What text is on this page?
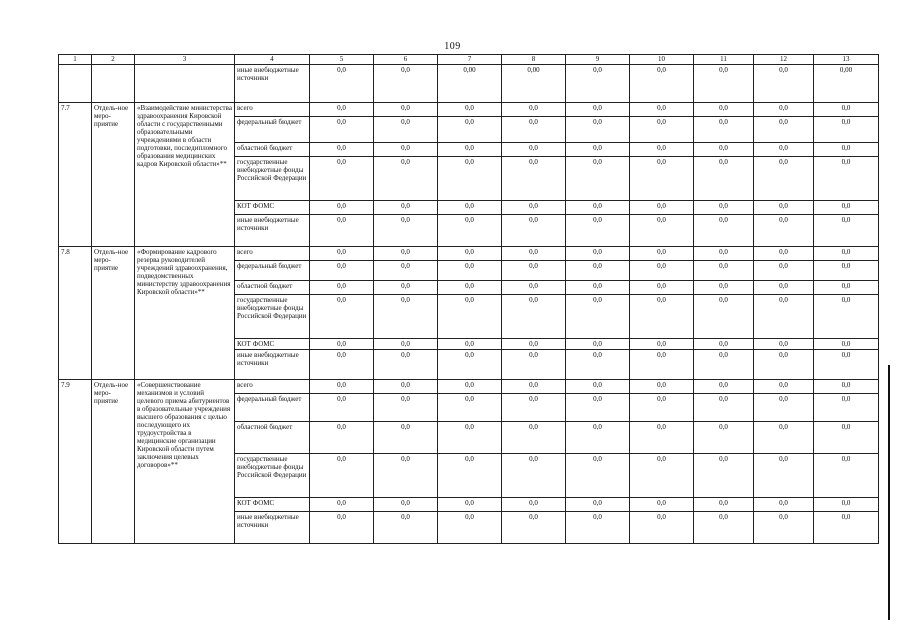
109
1	2	3	4	5	6	7	8	9	10	11	12	13
			иные внебюджетные источники	0,0	0,0	0,00	0,00	0,0	0,0	0,0	0,0	0,00
7.7	Отдель-ное меро-приятие	«Взаимодействие министерства здравоохранения Кировской области с государственными образовательными учреждениями в области подготовки, последипломного образования медицинских кадров Кировской области»**	всего	0,0	0,0	0,0	0,0	0,0	0,0	0,0	0,0	0,0
			федеральный бюджет	0,0	0,0	0,0	0,0	0,0	0,0	0,0	0,0	0,0
			областной бюджет	0,0	0,0	0,0	0,0	0,0	0,0	0,0	0,0	0,0
			государственные внебюджетные фонды Российской Федерации	0,0	0,0	0,0	0,0	0,0	0,0	0,0	0,0	0,0
			КОТ ФОМС	0,0	0,0	0,0	0,0	0,0	0,0	0,0	0,0	0,0
			иные внебюджетные источники	0,0	0,0	0,0	0,0	0,0	0,0	0,0	0,0	0,0
7.8	Отдель-ное меро-приятие	«Формирование кадрового резерва руководителей учреждений здравоохранения, подведомственных министерству здравоохранения Кировской области»**	всего	0,0	0,0	0,0	0,0	0,0	0,0	0,0	0,0	0,0
			федеральный бюджет	0,0	0,0	0,0	0,0	0,0	0,0	0,0	0,0	0,0
			областной бюджет	0,0	0,0	0,0	0,0	0,0	0,0	0,0	0,0	0,0
			государственные внебюджетные фонды Российской Федерации	0,0	0,0	0,0	0,0	0,0	0,0	0,0	0,0	0,0
			КОТ ФОМС	0,0	0,0	0,0	0,0	0,0	0,0	0,0	0,0	0,0
			иные внебюджетные источники	0,0	0,0	0,0	0,0	0,0	0,0	0,0	0,0	0,0
7.9	Отдель-ное меро-приятие	«Совершенствование механизмов и условий целевого приема абитуриентов в образовательные учреждения высшего образования с целью последующего их трудоустройства в медицинские организации Кировской области путем заключения целевых договоров»**	всего	0,0	0,0	0,0	0,0	0,0	0,0	0,0	0,0	0,0
			федеральный бюджет	0,0	0,0	0,0	0,0	0,0	0,0	0,0	0,0	0,0
			областной бюджет	0,0	0,0	0,0	0,0	0,0	0,0	0,0	0,0	0,0
			государственные внебюджетные фонды Российской Федерации	0,0	0,0	0,0	0,0	0,0	0,0	0,0	0,0	0,0
			КОТ ФОМС	0,0	0,0	0,0	0,0	0,0	0,0	0,0	0,0	0,0
			иные внебюджетные источники	0,0	0,0	0,0	0,0	0,0	0,0	0,0	0,0	0,0
